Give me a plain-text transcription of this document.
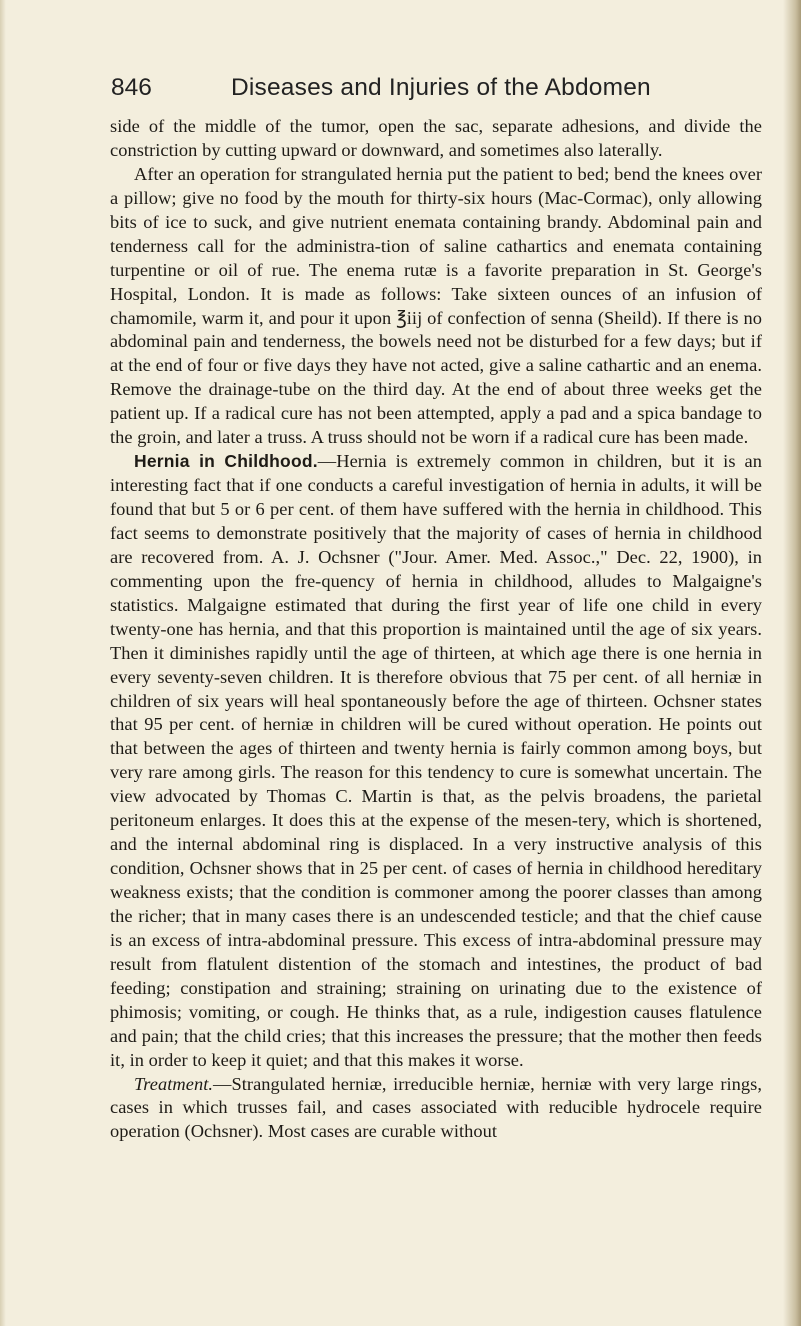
846	Diseases and Injuries of the Abdomen

side of the middle of the tumor, open the sac, separate adhesions, and divide the constriction by cutting upward or downward, and sometimes also laterally.

After an operation for strangulated hernia put the patient to bed; bend the knees over a pillow; give no food by the mouth for thirty-six hours (Mac-Cormac), only allowing bits of ice to suck, and give nutrient enemata containing brandy. Abdominal pain and tenderness call for the administra-tion of saline cathartics and enemata containing turpentine or oil of rue. The enema rutæ is a favorite preparation in St. George's Hospital, London. It is made as follows: Take sixteen ounces of an infusion of chamomile, warm it, and pour it upon ℥iij of confection of senna (Sheild). If there is no abdominal pain and tenderness, the bowels need not be disturbed for a few days; but if at the end of four or five days they have not acted, give a saline cathartic and an enema. Remove the drainage-tube on the third day. At the end of about three weeks get the patient up. If a radical cure has not been attempted, apply a pad and a spica bandage to the groin, and later a truss. A truss should not be worn if a radical cure has been made.

Hernia in Childhood.—Hernia is extremely common in children, but it is an interesting fact that if one conducts a careful investigation of hernia in adults, it will be found that but 5 or 6 per cent. of them have suffered with the hernia in childhood. This fact seems to demonstrate positively that the majority of cases of hernia in childhood are recovered from. A. J. Ochsner ("Jour. Amer. Med. Assoc.," Dec. 22, 1900), in commenting upon the fre-quency of hernia in childhood, alludes to Malgaigne's statistics. Malgaigne estimated that during the first year of life one child in every twenty-one has hernia, and that this proportion is maintained until the age of six years. Then it diminishes rapidly until the age of thirteen, at which age there is one hernia in every seventy-seven children. It is therefore obvious that 75 per cent. of all herniæ in children of six years will heal spontaneously before the age of thirteen. Ochsner states that 95 per cent. of herniæ in children will be cured without operation. He points out that between the ages of thirteen and twenty hernia is fairly common among boys, but very rare among girls. The reason for this tendency to cure is somewhat uncertain. The view advocated by Thomas C. Martin is that, as the pelvis broadens, the parietal peritoneum enlarges. It does this at the expense of the mesen-tery, which is shortened, and the internal abdominal ring is displaced. In a very instructive analysis of this condition, Ochsner shows that in 25 per cent. of cases of hernia in childhood hereditary weakness exists; that the condition is commoner among the poorer classes than among the richer; that in many cases there is an undescended testicle; and that the chief cause is an excess of intra-abdominal pressure. This excess of intra-abdominal pressure may result from flatulent distention of the stomach and intestines, the product of bad feeding; constipation and straining; straining on urinating due to the existence of phimosis; vomiting, or cough. He thinks that, as a rule, indigestion causes flatulence and pain; that the child cries; that this increases the pressure; that the mother then feeds it, in order to keep it quiet; and that this makes it worse.

Treatment.—Strangulated herniæ, irreducible herniæ, herniæ with very large rings, cases in which trusses fail, and cases associated with reducible hydrocele require operation (Ochsner). Most cases are curable without
